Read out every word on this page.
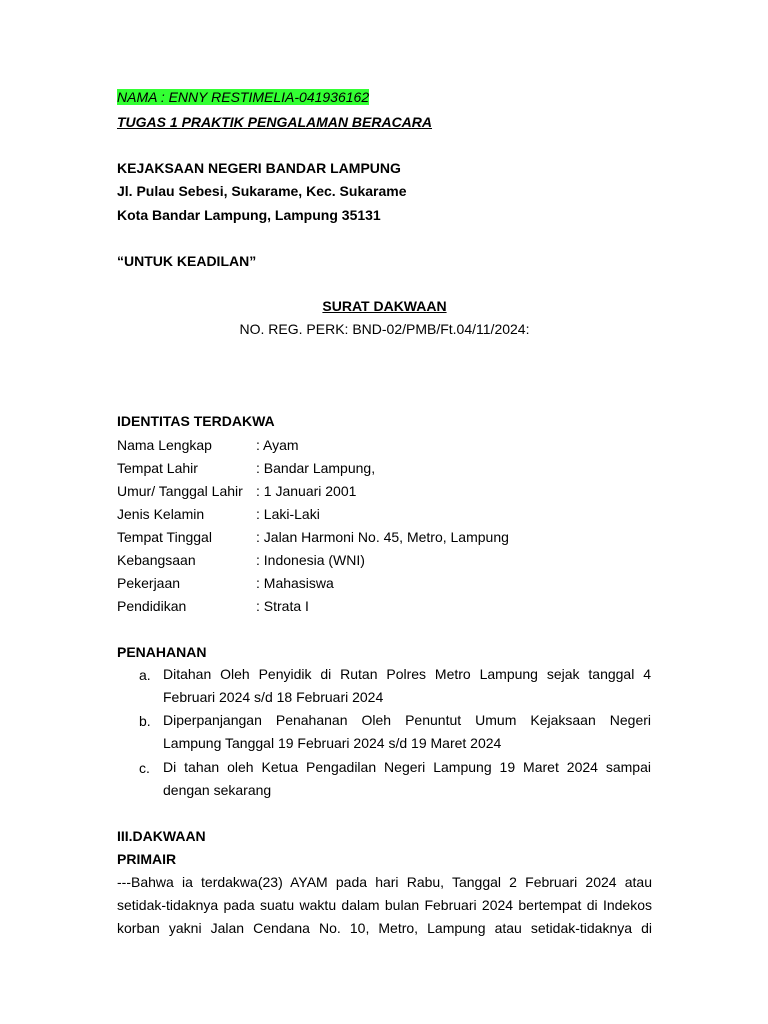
NAMA : ENNY RESTIMELIA-041936162
TUGAS 1 PRAKTIK PENGALAMAN BERACARA
KEJAKSAAN NEGERI BANDAR LAMPUNG
Jl. Pulau Sebesi, Sukarame, Kec. Sukarame
Kota Bandar Lampung, Lampung 35131
“UNTUK KEADILAN”
SURAT DAKWAAN
NO. REG. PERK: BND-02/PMB/Ft.04/11/2024:
IDENTITAS TERDAKWA
Nama Lengkap	: Ayam
Tempat Lahir	: Bandar Lampung,
Umur/ Tanggal Lahir : 1 Januari 2001
Jenis Kelamin	: Laki-Laki
Tempat Tinggal	: Jalan Harmoni No. 45, Metro, Lampung
Kebangsaan	: Indonesia (WNI)
Pekerjaan	: Mahasiswa
Pendidikan	: Strata I
PENAHANAN
a. Ditahan Oleh Penyidik di Rutan Polres Metro Lampung sejak tanggal 4 Februari 2024 s/d 18 Februari 2024
b. Diperpanjangan Penahanan Oleh Penuntut Umum Kejaksaan Negeri Lampung Tanggal 19 Februari 2024 s/d 19 Maret 2024
c. Di tahan oleh Ketua Pengadilan Negeri Lampung 19 Maret 2024 sampai dengan sekarang
III.DAKWAAN
PRIMAIR
---Bahwa ia terdakwa(23) AYAM pada hari Rabu, Tanggal 2 Februari 2024 atau
setidak-tidaknya pada suatu waktu dalam bulan Februari 2024 bertempat di Indekos
korban yakni Jalan Cendana No. 10, Metro, Lampung atau setidak-tidaknya di
